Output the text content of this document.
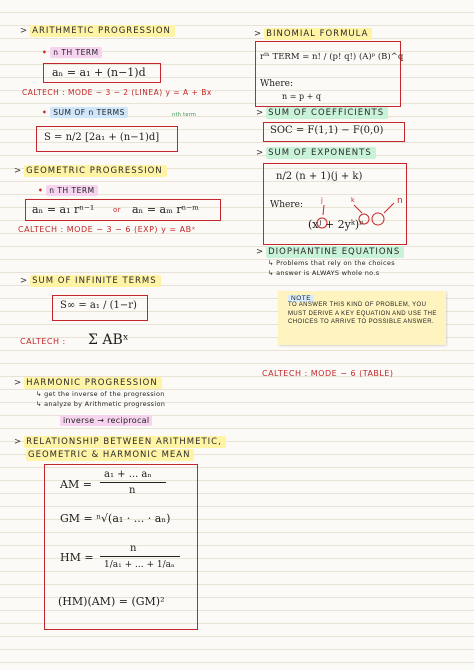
> ARITHMETIC PROGRESSION
• n TH TERM
aₙ = a₁ + (n−1)d
CALTECH : MODE − 3 − 2 (LINEA) y = A + Bx
• SUM OF n TERMS	nth term
S = n/2 [2a₁ + (n−1)d]
> GEOMETRIC PROGRESSION
• n TH TERM
aₙ = a₁ rⁿ⁻¹	or aₙ = aₘ rⁿ⁻ᵐ
CALTECH : MODE − 3 − 6 (EXP) y = ABˣ
> SUM OF INFINITE TERMS
S∞ = a₁ / (1−r)
CALTECH : Σ ABˣ
> HARMONIC PROGRESSION
↳ get the inverse of the progression
↳ analyze by Arithmetic progression
inverse → reciprocal
> RELATIONSHIP BETWEEN ARITHMETIC,
GEOMETRIC & HARMONIC MEAN
AM =
a₁ + ... aₙ
n
GM = ⁿ√(a₁ · ... · aₙ)
HM =
n
1/a₁ + ... + 1/aₙ
(HM)(AM) = (GM)²
> BINOMIAL FORMULA
rᵗʰ TERM = n! / (p! q!) (A)ᵖ (B)^q
Where:
n = p + q
> SUM OF COEFFICIENTS
SOC = F(1,1) − F(0,0)
> SUM OF EXPONENTS
n/2 (n + 1)(j + k)
Where:
(xʲ + 2yᵏ)ⁿ
j	k	n
> DIOPHANTINE EQUATIONS
↳ Problems that rely on the choices
↳ answer is ALWAYS whole no.s
NOTE
TO ANSWER THIS KIND OF PROBLEM, YOU MUST DERIVE A KEY EQUATION AND USE THE CHOICES TO ARRIVE TO POSSIBLE ANSWER.
CALTECH : MODE − 6 (TABLE)
